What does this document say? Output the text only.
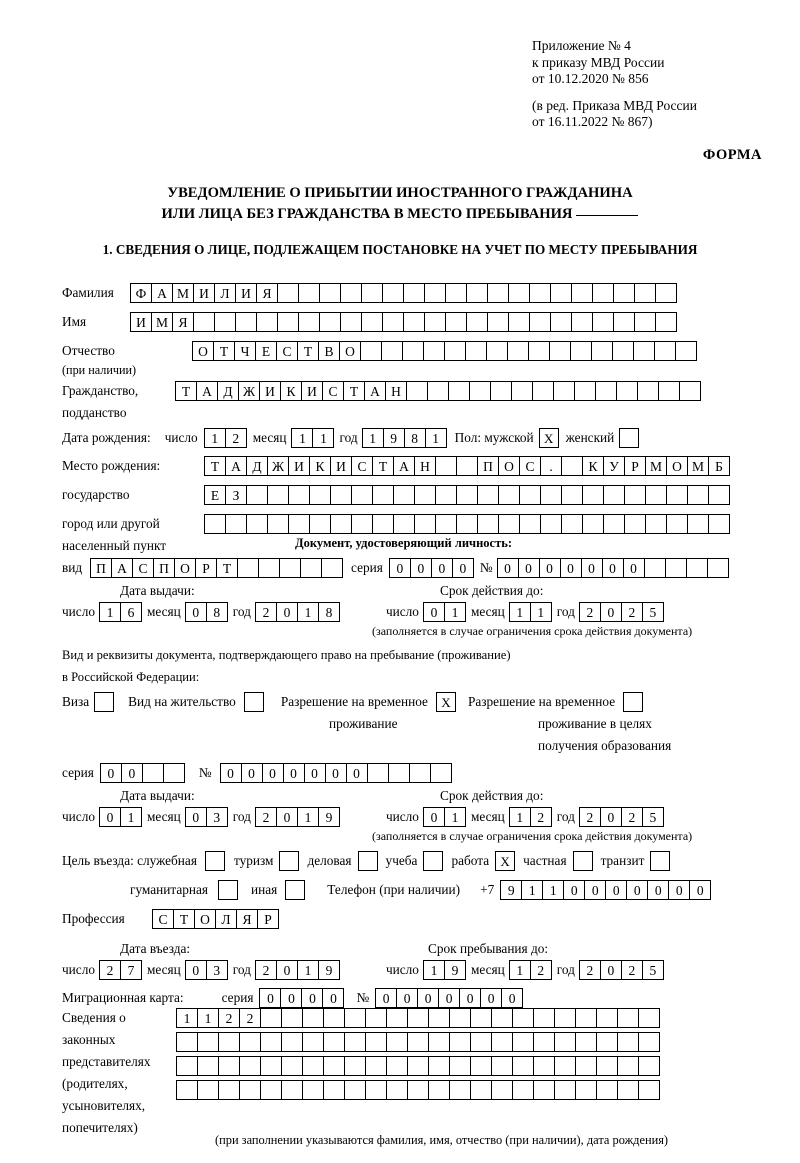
Приложение № 4
к приказу МВД России
от 10.12.2020 № 856
(в ред. Приказа МВД России
от 16.11.2022 № 867)
ФОРМА
УВЕДОМЛЕНИЕ О ПРИБЫТИИ ИНОСТРАННОГО ГРАЖДАНИНА
ИЛИ ЛИЦА БЕЗ ГРАЖДАНСТВА В МЕСТО ПРЕБЫВАНИЯ
1. СВЕДЕНИЯ О ЛИЦЕ, ПОДЛЕЖАЩЕМ ПОСТАНОВКЕ НА УЧЕТ ПО МЕСТУ ПРЕБЫВАНИЯ
Фамилия	Ф А М И Л И Я
Имя	И М Я
Отчество	О Т Ч Е С Т В О
(при наличии)
Гражданство,	Т А Д Ж И К И С Т А Н
подданство
Дата рождения: число	1	2	месяц 1	1 год 1	9	8	1	Пол: мужской Х женский
Место рождения:	Т А Д Ж И К И С Т А Н	П О С	.	К У Р М О М Б
государство	Е З
город или другой
населенный пункт	Документ, удостоверяющий личность:
вид	П А С П О Р Т	серия	0	0	0	0	№ 0	0	0	0	0	0	0
Дата выдачи:	Срок действия до:
число 1	6 месяц 0	8 год 2	0	1	8	число 0	1 месяц 1	1 год 2	0	2	5
(заполняется в случае ограничения срока действия документа)
Вид и реквизиты документа, подтверждающего право на пребывание (проживание)
в Российской Федерации:
Виза	Вид на жительство	Разрешение на временное	Х	Разрешение на временное
проживание	проживание в целях
получения образования
серия	0	0	№	0	0	0	0	0	0	0
Дата выдачи:	Срок действия до:
число 0	1 месяц 0	3 год 2	0	1	9	число 0	1 месяц 1	2 год 2	0	2	5
(заполняется в случае ограничения срока действия документа)
Цель въезда: служебная	туризм	деловая	учеба	работа Х	частная	транзит
гуманитарная	иная	Телефон (при наличии) +7	9	1	1	0	0	0	0	0	0	0
Профессия	С Т О Л Я Р
Дата въезда:	Срок пребывания до:
число 2	7 месяц 0	3 год 2	0	1	9	число 1	9 месяц 1	2 год 2	0	2	5
Миграционная карта:	серия	0	0	0	0	№	0	0	0	0	0	0	0
Сведения о
законных
представителях
(родителях,
усыновителях,
попечителях)
1	1	2	2
(при заполнении указываются фамилия, имя, отчество (при наличии), дата рождения)
